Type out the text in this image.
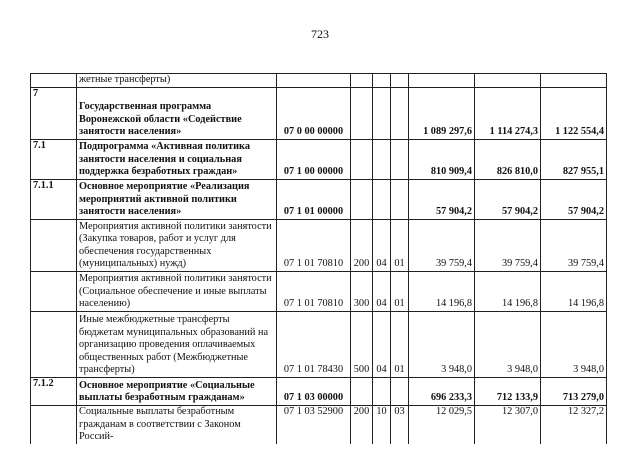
723
	жетные трансферты)							
7	Государственная программа Воронежской области «Содействие занятости населения»	07 0 00 00000				1 089 297,6	1 114 274,3	1 122 554,4
7.1	Подпрограмма «Активная политика занятости населения и социальная поддержка безработных граждан»	07 1 00 00000				810 909,4	826 810,0	827 955,1
7.1.1	Основное мероприятие «Реализация мероприятий активной политики занятости населения»	07 1 01 00000				57 904,2	57 904,2	57 904,2
	Мероприятия активной политики занятости (Закупка товаров, работ и услуг для обеспечения государственных (муниципальных) нужд)	07 1 01 70810	200	04	01	39 759,4	39 759,4	39 759,4
	Мероприятия активной политики занятости (Социальное обеспечение и иные выплаты населению)	07 1 01 70810	300	04	01	14 196,8	14 196,8	14 196,8
	Иные межбюджетные трансферты бюджетам муниципальных образований на организацию проведения оплачиваемых общественных работ (Межбюджетные трансферты)	07 1 01 78430	500	04	01	3 948,0	3 948,0	3 948,0
7.1.2	Основное мероприятие «Социальные выплаты безработным гражданам»	07 1 03 00000				696 233,3	712 133,9	713 279,0
	Социальные выплаты безработным гражданам в соответствии с Законом Россий-	07 1 03 52900	200	10	03	12 029,5	12 307,0	12 327,2
